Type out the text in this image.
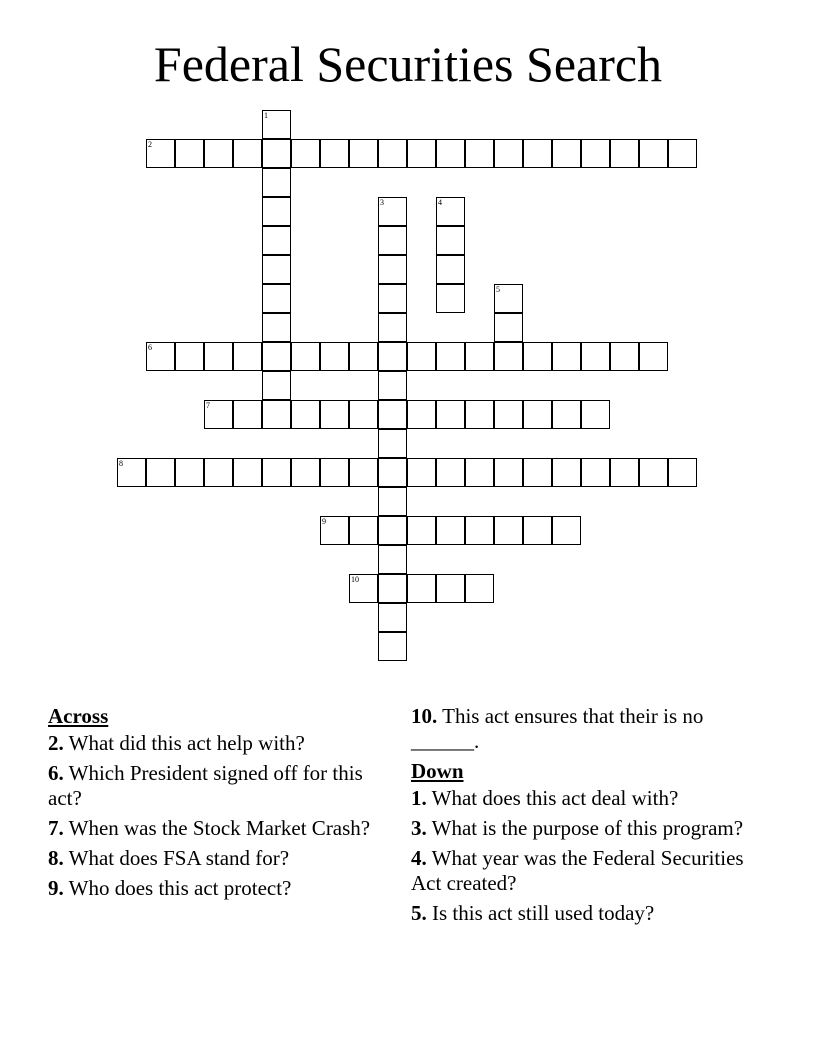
Federal Securities Search
1
2
3	4
5
6
7
8
9
10
Across
2. What did this act help with?
6. Which President signed off for this act?
7. When was the Stock Market Crash?
8. What does FSA stand for?
9. Who does this act protect?
10. This act ensures that their is no ______.
Down
1. What does this act deal with?
3. What is the purpose of this program?
4. What year was the Federal Securities Act created?
5. Is this act still used today?
